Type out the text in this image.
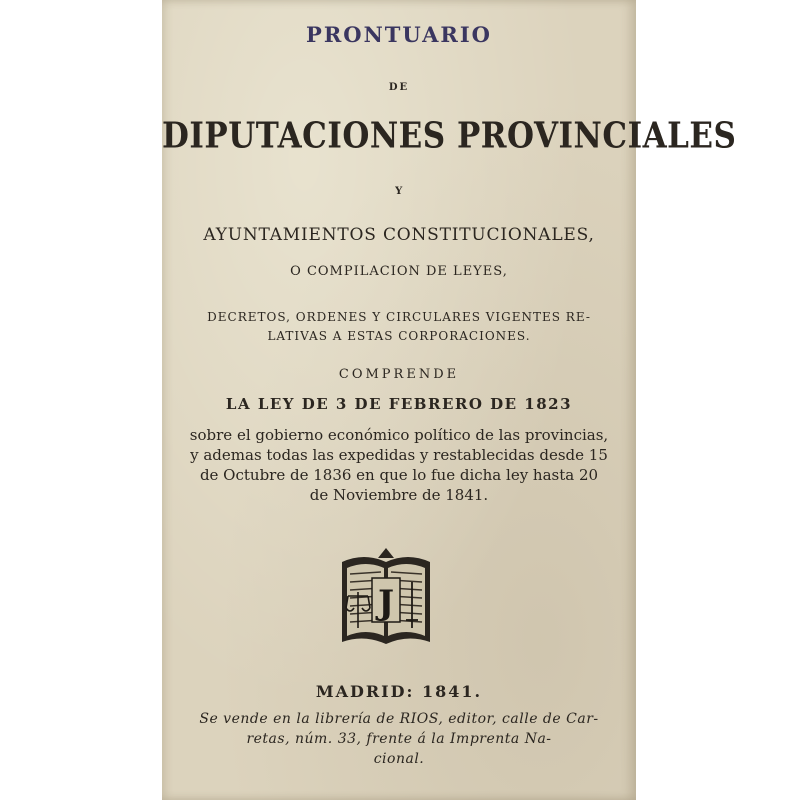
PRONTUARIO
DE
DIPUTACIONES PROVINCIALES
Y
AYUNTAMIENTOS CONSTITUCIONALES,
O COMPILACION DE LEYES,
DECRETOS, ORDENES Y CIRCULARES VIGENTES RE-
LATIVAS A ESTAS CORPORACIONES.
COMPRENDE
LA LEY DE 3 DE FEBRERO DE 1823
sobre el gobierno económico político de las provincias,
y ademas todas las expedidas y restablecidas desde 15
de Octubre de 1836 en que lo fue dicha ley hasta 20
de Noviembre de 1841.
MADRID: 1841.
Se vende en la librería de RIOS, editor, calle de Car-
retas, núm. 33, frente á la Imprenta Na-
cional.
J
